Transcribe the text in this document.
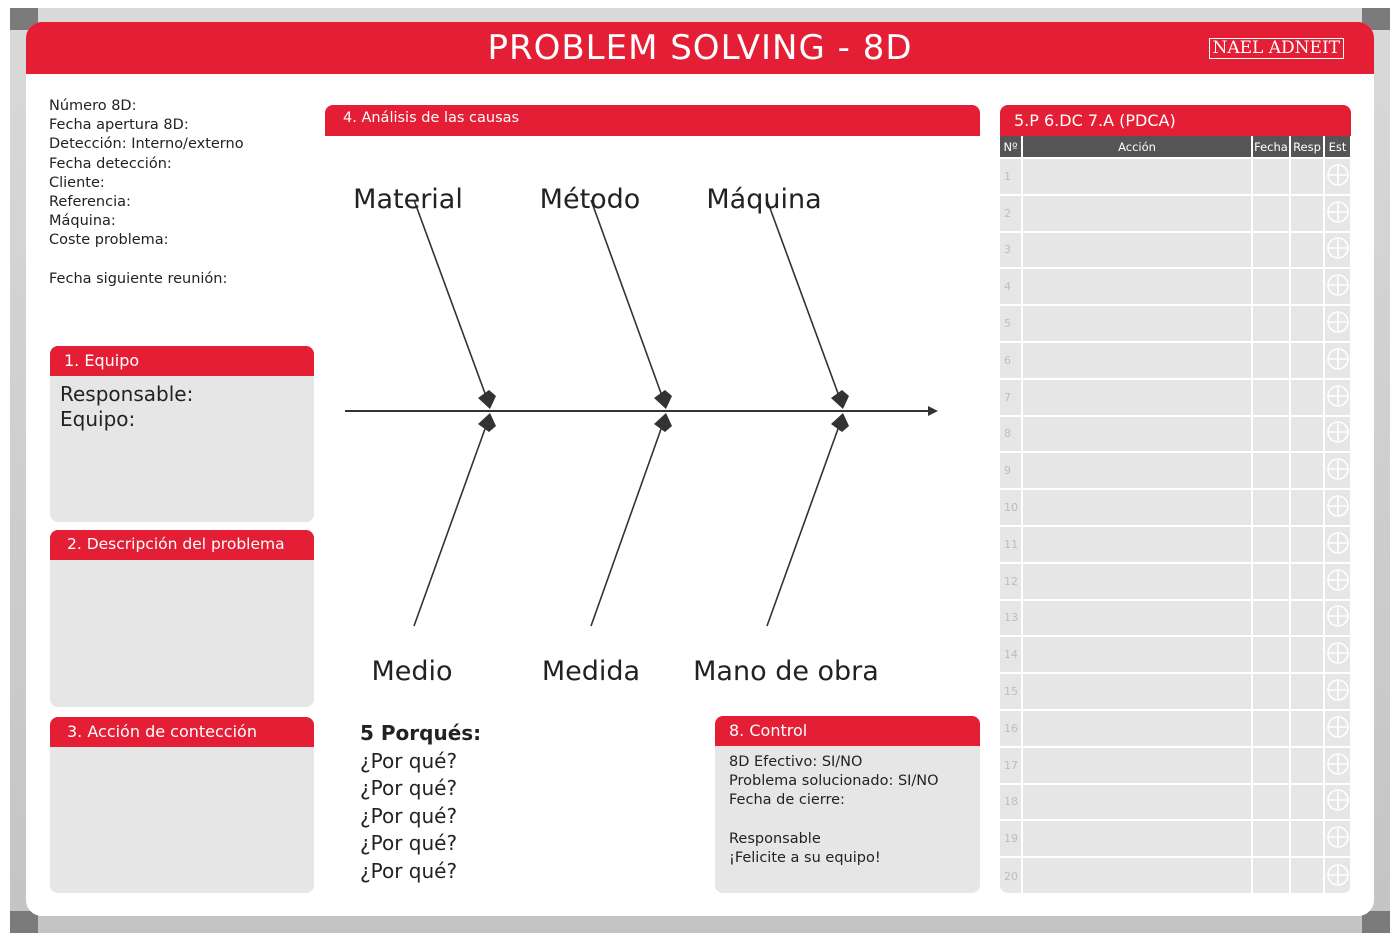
PROBLEM SOLVING - 8D	NAEL ADNEIT
Número 8D:
Fecha apertura 8D:
Detección: Interno/externo
Fecha detección:
Cliente:
Referencia:
Máquina:
Coste problema:
Fecha siguiente reunión:
1. Equipo
Responsable:
Equipo:
2. Descripción del problema
3. Acción de contección
4. Análisis de las causas
Material	Método Máquina
Medio	Medida Mano de obra
5 Porqués:
¿Por qué?
¿Por qué?
¿Por qué?
¿Por qué?
¿Por qué?
8. Control
8D Efectivo: SI/NO
Problema solucionado: SI/NO
Fecha de cierre:
Responsable
¡Felicite a su equipo!
5.P 6.DC 7.A (PDCA)
Nº	Acción	Fecha	Resp	Est
1				
2				
3				
4				
5				
6				
7				
8				
9				
10				
11				
12				
13				
14				
15				
16				
17				
18				
19				
20				
